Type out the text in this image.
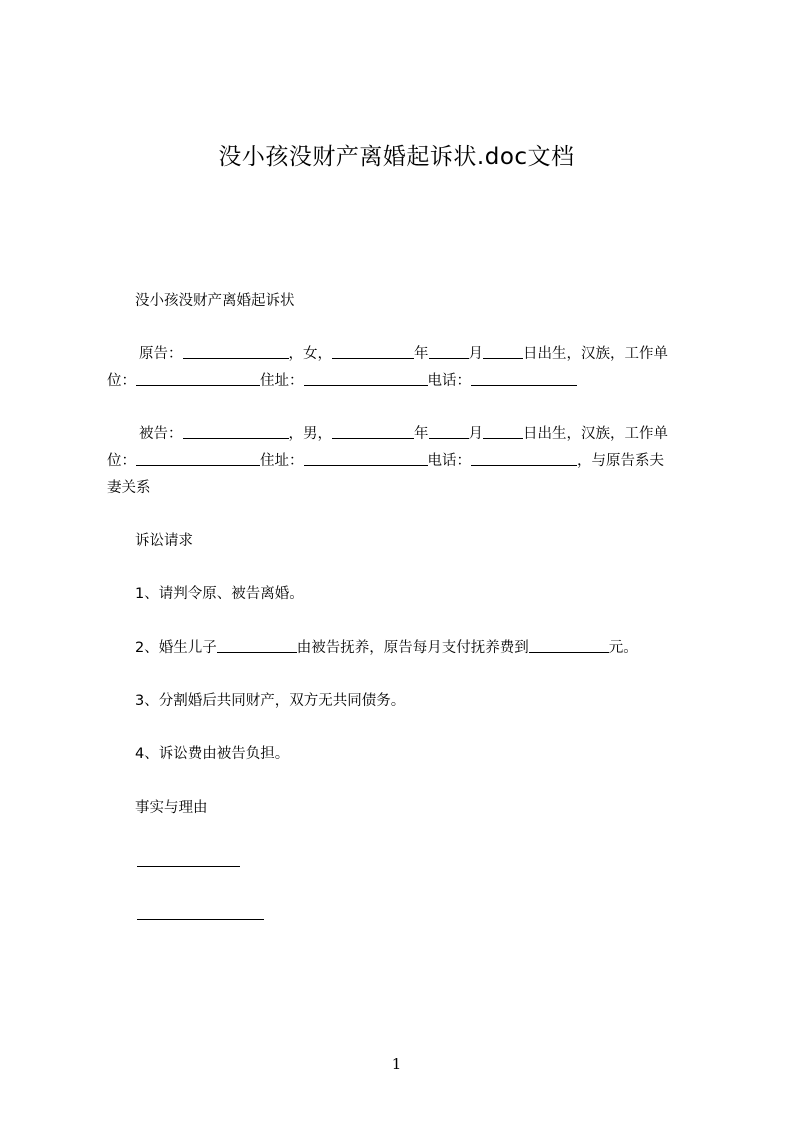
没小孩没财产离婚起诉状.doc文档
没小孩没财产离婚起诉状
原告：	，女，	年	月	日出生，汉族，工作单
位：	住址：	电话：
被告：	，男，	年	月	日出生，汉族，工作单
位：	住址：	电话：	，与原告系夫
妻关系
诉讼请求
1、请判令原、被告离婚。
2、婚生儿子	由被告抚养，原告每月支付抚养费到	元。
3、分割婚后共同财产，双方无共同债务。
4、诉讼费由被告负担。
事实与理由
1
